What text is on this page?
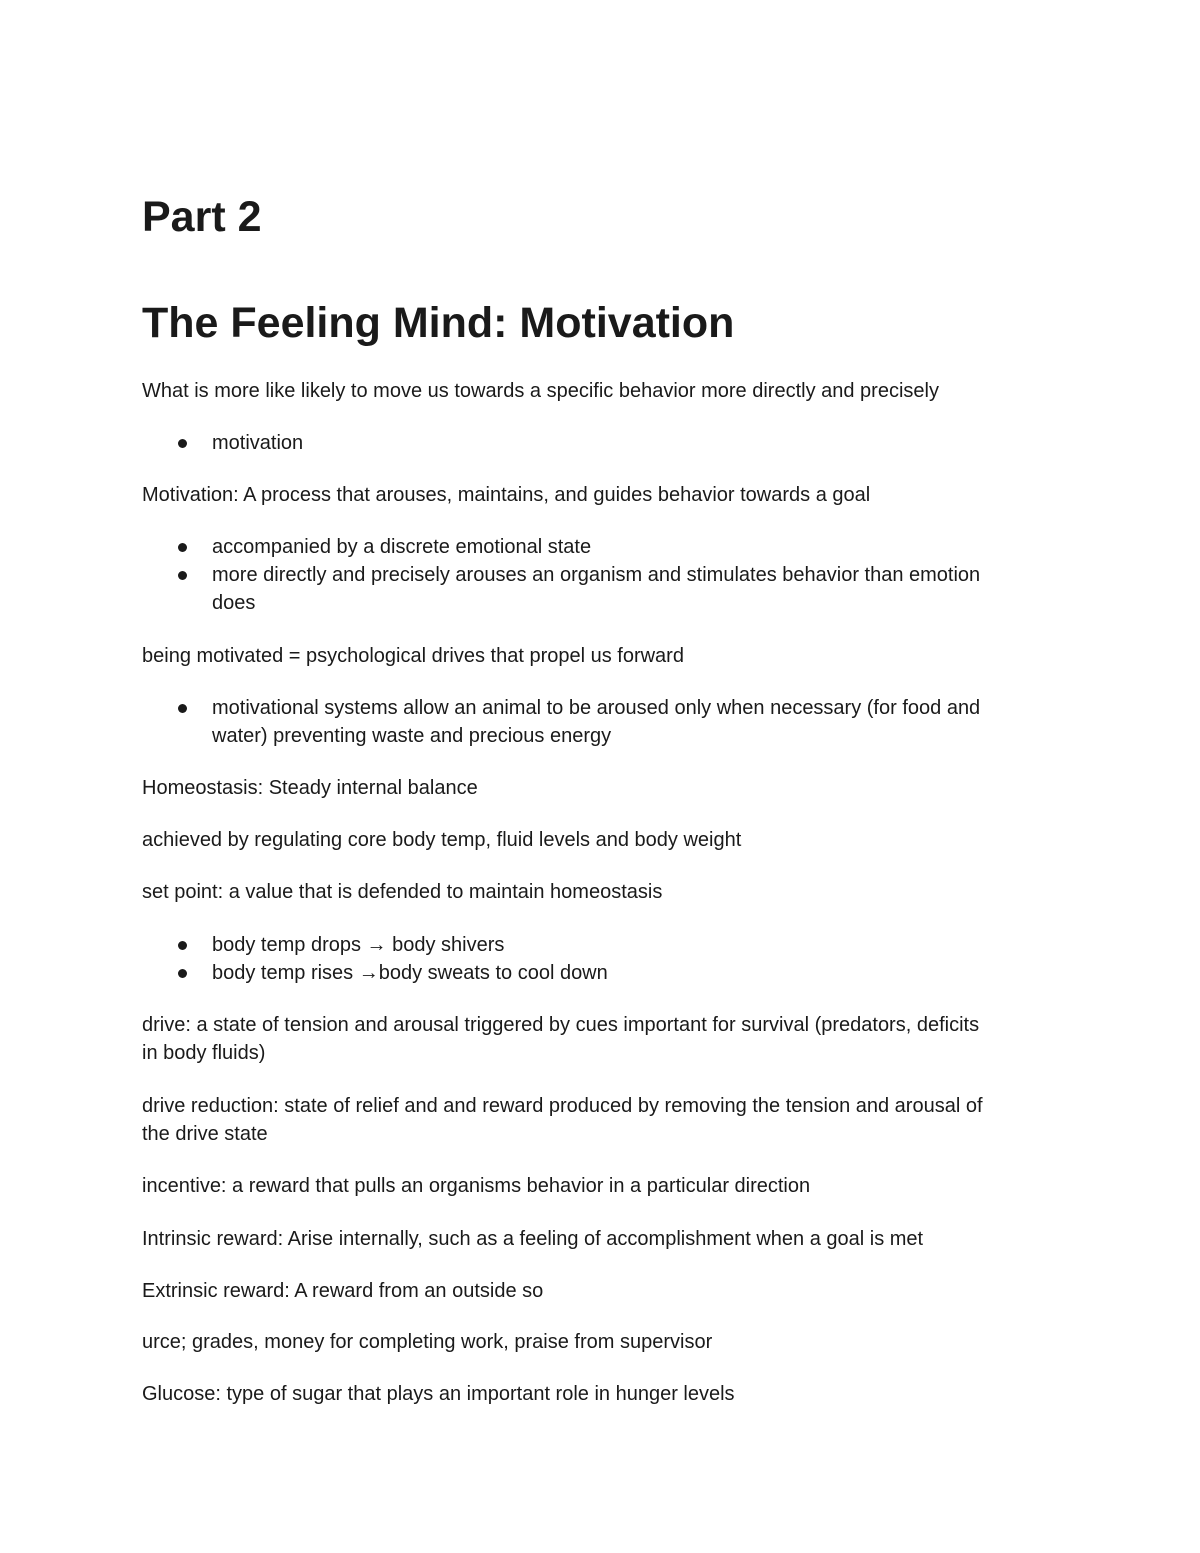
Part 2
The Feeling Mind: Motivation

What is more like likely to move us towards a specific behavior more directly and precisely

motivation

Motivation: A process that arouses, maintains, and guides behavior towards a goal

accompanied by a discrete emotional state

more directly and precisely arouses an organism and stimulates behavior than emotion

does

being motivated = psychological drives that propel us forward

motivational systems allow an animal to be aroused only when necessary (for food and

water) preventing waste and precious energy

Homeostasis: Steady internal balance

achieved by regulating core body temp, fluid levels and body weight

set point: a value that is defended to maintain homeostasis

body temp drops → body shivers

body temp rises →body sweats to cool down

drive: a state of tension and arousal triggered by cues important for survival (predators, deficits

in body fluids)

drive reduction: state of relief and and reward produced by removing the tension and arousal of

the drive state

incentive: a reward that pulls an organisms behavior in a particular direction

Intrinsic reward: Arise internally, such as a feeling of accomplishment when a goal is met

Extrinsic reward: A reward from an outside so

urce; grades, money for completing work, praise from supervisor

Glucose: type of sugar that plays an important role in hunger levels
